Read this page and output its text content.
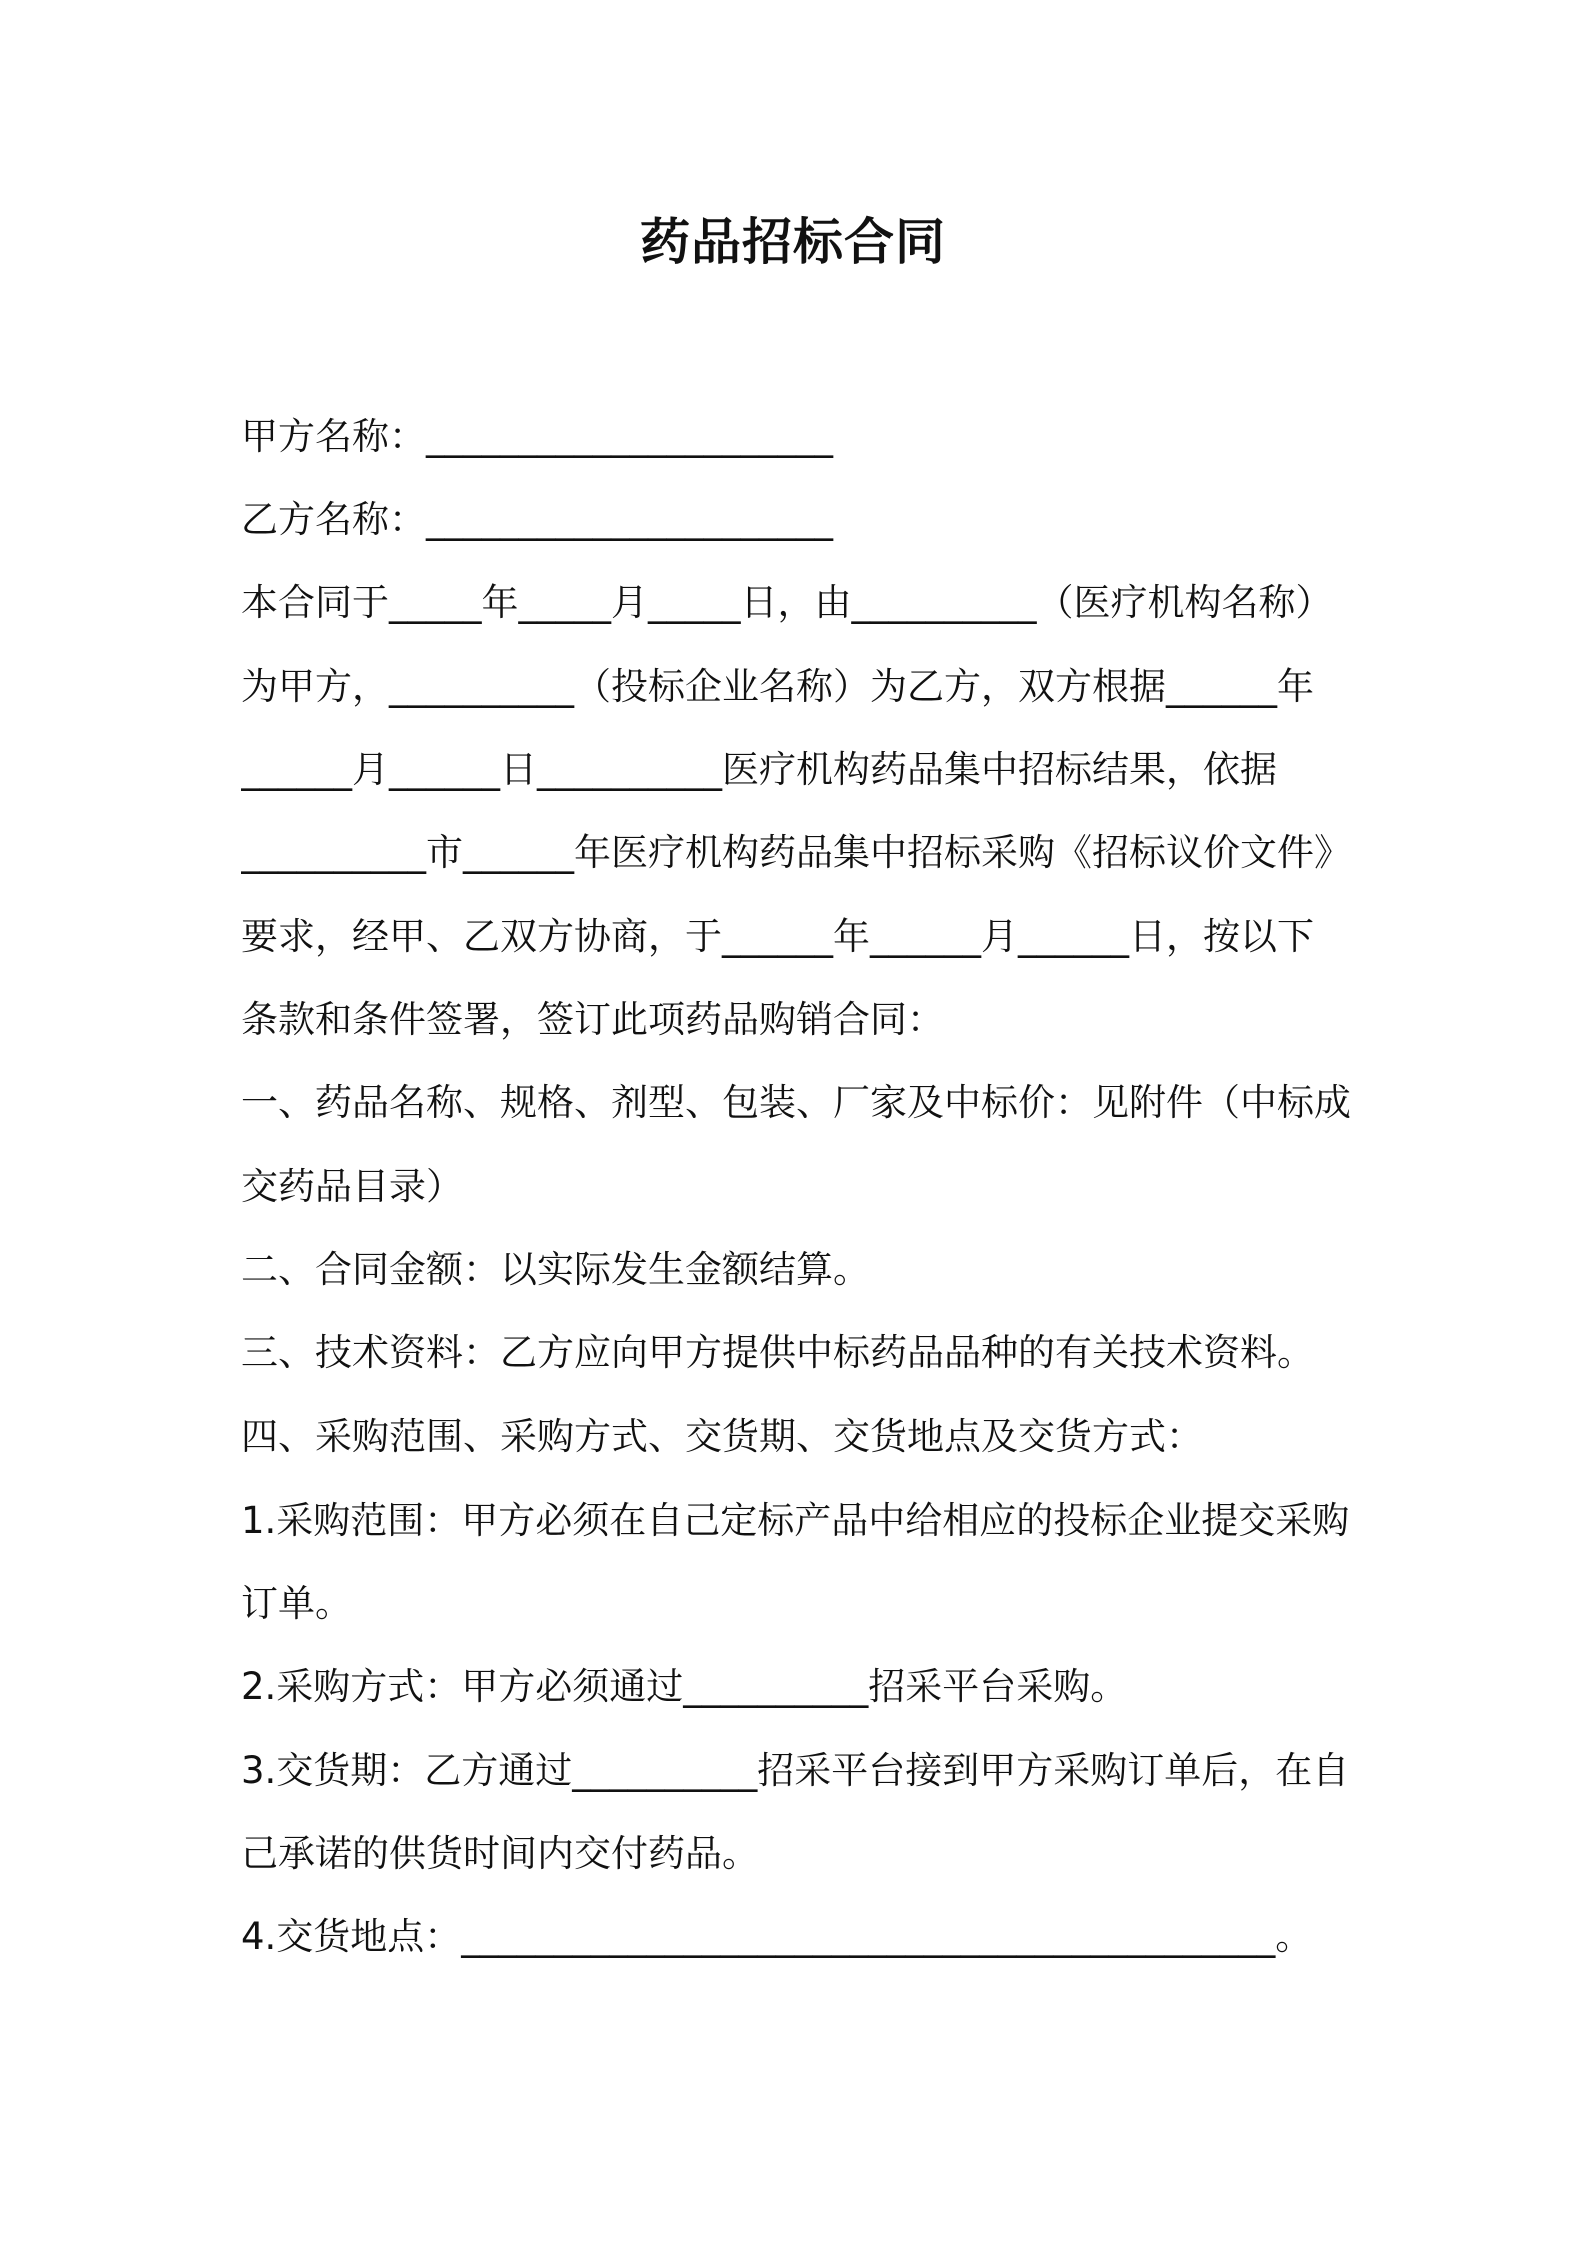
药品招标合同
甲方名称：______________________
乙方名称：______________________
本合同于_____年_____月_____日，由__________（医疗机构名称）
为甲方，__________（投标企业名称）为乙方，双方根据______年
______月______日__________医疗机构药品集中招标结果，依据
__________市______年医疗机构药品集中招标采购《招标议价文件》
要求，经甲、乙双方协商，于______年______月______日，按以下
条款和条件签署，签订此项药品购销合同：
一、药品名称、规格、剂型、包装、厂家及中标价：见附件（中标成
交药品目录）
二、合同金额：以实际发生金额结算。
三、技术资料：乙方应向甲方提供中标药品品种的有关技术资料。
四、采购范围、采购方式、交货期、交货地点及交货方式：
1.采购范围：甲方必须在自己定标产品中给相应的投标企业提交采购
订单。
2.采购方式：甲方必须通过__________招采平台采购。
3.交货期：乙方通过__________招采平台接到甲方采购订单后，在自
己承诺的供货时间内交付药品。
4.交货地点：____________________________________________。
